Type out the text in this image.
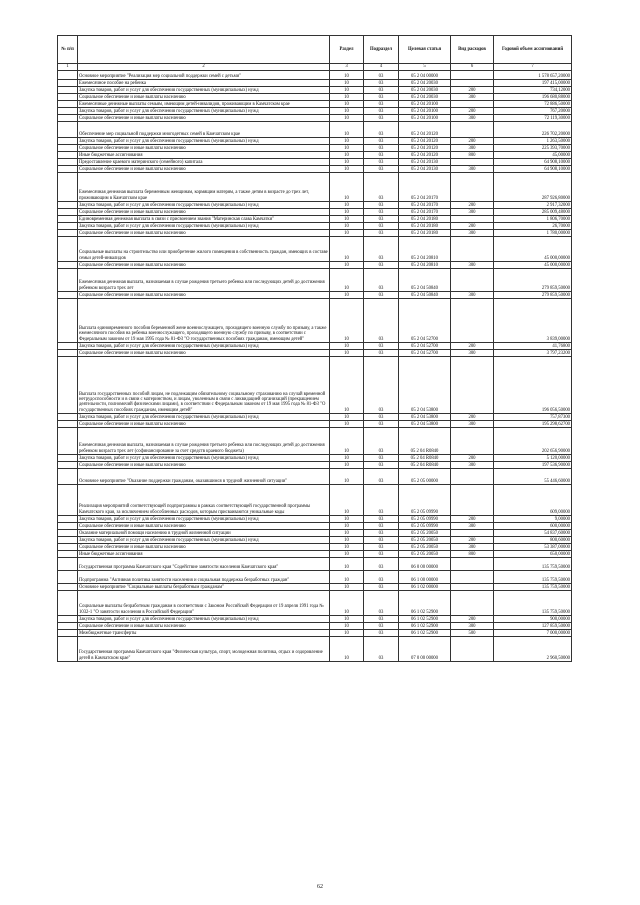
№ п/п		Раздел	Подраздел	Целевая статья	Вид расходов	Годовой объем ассигнований
1	2	3	4	5	6	7
	Основное мероприятие "Реализация мер социальной поддержки семей с детьми"	10	03	05 2 04 00000		1 578 657,20000
	Ежемесячное пособие на ребенка	10	03	05 2 04 20030		197 415,00000
	Закупка товаров, работ и услуг для обеспечения государственных (муниципальных) нужд	10	03	05 2 04 20030	200	734,12000
	Социальное обеспечение и иные выплаты населению	10	03	05 2 04 20030	300	196 680,88000
	Ежемесячные денежные выплаты семьям, имеющим детей-инвалидов, проживающим в Камчатском крае	10	03	05 2 04 20100		72 886,50000
	Закупка товаров, работ и услуг для обеспечения государственных (муниципальных) нужд	10	03	05 2 04 20100	200	767,20000
	Социальное обеспечение и иные выплаты населению	10	03	05 2 04 20100	300	72 119,30000
	Обеспечение мер социальной поддержки многодетных семей в Камчатском крае	10	03	05 2 04 20120		226 702,20000
	Закупка товаров, работ и услуг для обеспечения государственных (муниципальных) нужд	10	03	05 2 04 20120	200	1 263,50000
	Социальное обеспечение и иные выплаты населению	10	03	05 2 04 20120	300	225 393,70000
	Иные бюджетные ассигнования	10	03	05 2 04 20120	800	45,00000
	Предоставление краевого материнского (семейного) капитала	10	03	05 2 04 20130		64 908,10000
	Социальное обеспечение и иные выплаты населению	10	03	05 2 04 20130	300	64 908,10000
	Ежемесячная денежная выплата беременным женщинам, кормящим матерям, а также детям в возрасте до трех лет, проживающим в Камчатском крае	10	03	05 2 04 20170		287 926,80000
	Закупка товаров, работ и услуг для обеспечения государственных (муниципальных) нужд	10	03	05 2 04 20170	200	2 917,32000
	Социальное обеспечение и иные выплаты населению	10	03	05 2 04 20170	300	285 009,48000
	Единовременная денежная выплата в связи с присвоением звания "Материнская слава Камчатки"	10	03	05 2 04 20180		1 806,70000
	Закупка товаров, работ и услуг для обеспечения государственных (муниципальных) нужд	10	03	05 2 04 20180	200	26,70000
	Социальное обеспечение и иные выплаты населению	10	03	05 2 04 20180	300	1 780,00000
	Социальные выплаты на строительство или приобретение жилого помещения в собственность граждан, имеющих в составе семьи детей-инвалидов	10	03	05 2 04 20810		45 000,00000
	Социальное обеспечение и иные выплаты населению	10	03	05 2 04 20810	300	45 000,00000
	Ежемесячная денежная выплата, назначаемая в случае рождения третьего ребенка или последующих детей до достижения ребенком возраста трех лет	10	03	05 2 04 50840		279 859,50000
	Социальное обеспечение и иные выплаты населению	10	03	05 2 04 50840	300	279 859,50000
	Выплата единовременного пособия беременной жене военнослужащего, проходящего военную службу по призыву, а также ежемесячного пособия на ребенка военнослужащего, проходящего военную службу по призыву, в соответствии с Федеральным законом от 19 мая 1995 года № 81-ФЗ "О государственных пособиях гражданам, имеющим детей"	10	03	05 2 04 52700		3 839,00000
	Закупка товаров, работ и услуг для обеспечения государственных (муниципальных) нужд	10	03	05 2 04 52700	200	41,76800
	Социальное обеспечение и иные выплаты населению	10	03	05 2 04 52700	300	3 797,23200
	Выплата государственных пособий лицам, не подлежащим обязательному социальному страхованию на случай временной нетрудоспособности и в связи с материнством, и лицам, уволенным в связи с ликвидацией организаций (прекращением деятельности, полномочий физическими лицами), в соответствии с Федеральным законом от 19 мая 1995 года № 81-ФЗ "О государственных пособиях гражданам, имеющим детей"	10	03	05 2 04 53800		196 056,50000
	Закупка товаров, работ и услуг для обеспечения государственных (муниципальных) нужд	10	03	05 2 04 53800	200	757,87300
	Социальное обеспечение и иные выплаты населению	10	03	05 2 04 53800	300	195 298,62700
	Ежемесячная денежная выплата, назначаемая в случае рождения третьего ребенка или последующих детей до достижения ребенком возраста трех лет (софинансирование за счет средств краевого бюджета)	10	03	05 2 04 R0840		202 656,90000
	Закупка товаров, работ и услуг для обеспечения государственных (муниципальных) нужд	10	03	05 2 04 R0840	200	5 120,00000
	Социальное обеспечение и иные выплаты населению	10	03	05 2 04 R0840	300	197 536,90000
	Основное мероприятие "Оказание поддержки гражданам, оказавшимся в трудной жизненной ситуации"	10	03	05 2 05 00000		55 446,60000
	Реализация мероприятий соответствующей подпрограммы в рамках соответствующей государственной программы Камчатского края, за исключением обособленных расходов, которым присваиваются уникальные коды	10	03	05 2 05 09990		609,00000
	Закупка товаров, работ и услуг для обеспечения государственных (муниципальных) нужд	10	03	05 2 05 09990	200	9,00000
	Социальное обеспечение и иные выплаты населению	10	03	05 2 05 09990	300	600,00000
	Оказание материальной помощи населению в трудной жизненной ситуации	10	03	05 2 05 20050		54 837,60000
	Закупка товаров, работ и услуг для обеспечения государственных (муниципальных) нужд	10	03	05 2 05 20050	200	800,60000
	Социальное обеспечение и иные выплаты населению	10	03	05 2 05 20050	300	53 387,00000
	Иные бюджетные ассигнования	10	03	05 2 05 20050	800	650,00000
	Государственная программа Камчатского края "Содействие занятости населения Камчатского края"	10	03	06 0 00 00000		135 759,50000
	Подпрограмма "Активная политика занятости населения и социальная поддержка безработных граждан"	10	03	06 1 00 00000		135 759,50000
	Основное мероприятие "Социальные выплаты безработным гражданам"	10	03	06 1 02 00000		135 759,50000
	Социальные выплаты безработным гражданам в соответствии с Законом Российской Федерации от 19 апреля 1991 года № 1032-1 "О занятости населения в Российской Федерации"	10	03	06 1 02 52900		135 759,50000
	Закупка товаров, работ и услуг для обеспечения государственных (муниципальных) нужд	10	03	06 1 02 52900	200	900,00000
	Социальное обеспечение и иные выплаты населению	10	03	06 1 02 52900	300	127 859,50000
	Межбюджетные трансферты	10	03	06 1 02 52900	500	7 000,00000
	Государственная программа Камчатского края "Физическая культура, спорт, молодежная политика, отдых и оздоровление детей в Камчатском крае"	10	03	07 0 00 00000		2 960,50000
62
